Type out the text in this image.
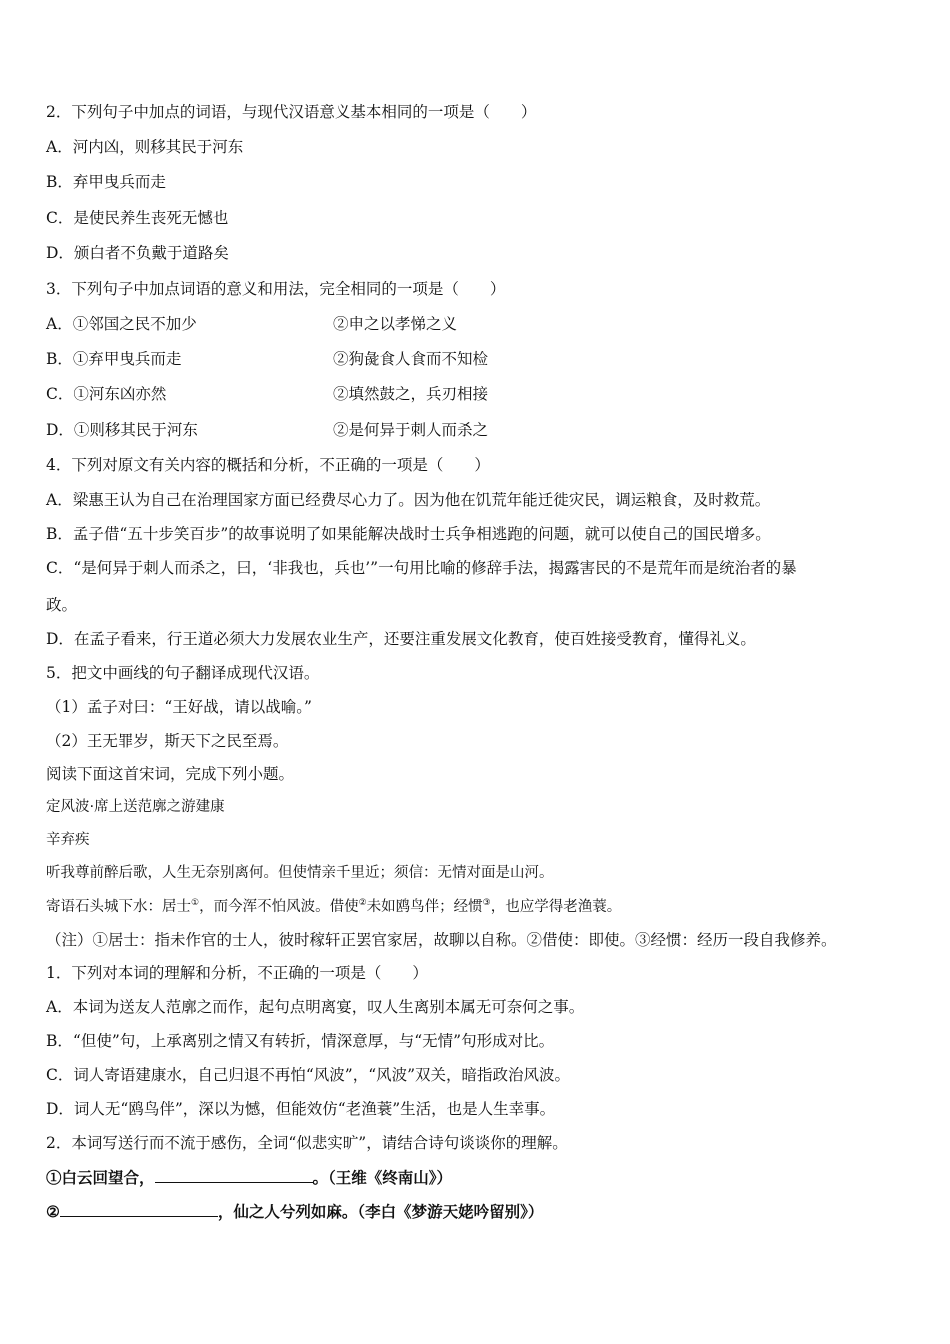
2．下列句子中加点的词语，与现代汉语意义基本相同的一项是（　　）
A．河内凶，则移其民于河东
B．弃甲曳兵而走
C．是使民养生丧死无憾也
D．颁白者不负戴于道路矣
3．下列句子中加点词语的意义和用法，完全相同的一项是（　　）
A．①邻国之民不加少	②申之以孝悌之义
B．①弃甲曳兵而走	②狗彘食人食而不知检
C．①河东凶亦然	②填然鼓之，兵刃相接
D．①则移其民于河东	②是何异于刺人而杀之
4．下列对原文有关内容的概括和分析，不正确的一项是（　　）
A．梁惠王认为自己在治理国家方面已经费尽心力了。因为他在饥荒年能迁徙灾民，调运粮食，及时救荒。
B．孟子借“五十步笑百步”的故事说明了如果能解决战时士兵争相逃跑的问题，就可以使自己的国民增多。
C．“是何异于刺人而杀之，曰，‘非我也，兵也’”一句用比喻的修辞手法，揭露害民的不是荒年而是统治者的暴
政。
D．在孟子看来，行王道必须大力发展农业生产，还要注重发展文化教育，使百姓接受教育，懂得礼义。
5．把文中画线的句子翻译成现代汉语。
（1）孟子对曰：“王好战，请以战喻。”
（2）王无罪岁，斯天下之民至焉。
阅读下面这首宋词，完成下列小题。
定风波·席上送范廓之游建康
辛弃疾
听我尊前醉后歌，人生无奈别离何。但使情亲千里近；须信：无情对面是山河。
寄语石头城下水：居士①，而今浑不怕风波。借使②未如鸥鸟伴；经惯③，也应学得老渔蓑。
（注）①居士：指未作官的士人，彼时稼轩正罢官家居，故聊以自称。②借使：即使。③经惯：经历一段自我修养。
1．下列对本词的理解和分析，不正确的一项是（　　）
A．本词为送友人范廓之而作，起句点明离宴，叹人生离别本属无可奈何之事。
B．“但使”句，上承离别之情又有转折，情深意厚，与“无情”句形成对比。
C．词人寄语建康水，自己归退不再怕“风波”，“风波”双关，暗指政治风波。
D．词人无“鸥鸟伴”，深以为憾，但能效仿“老渔蓑”生活，也是人生幸事。
2．本词写送行而不流于感伤，全词“似悲实旷”，请结合诗句谈谈你的理解。
①白云回望合，	。（王维《终南山》）
②	，仙之人兮列如麻。（李白《梦游天姥吟留别》）
